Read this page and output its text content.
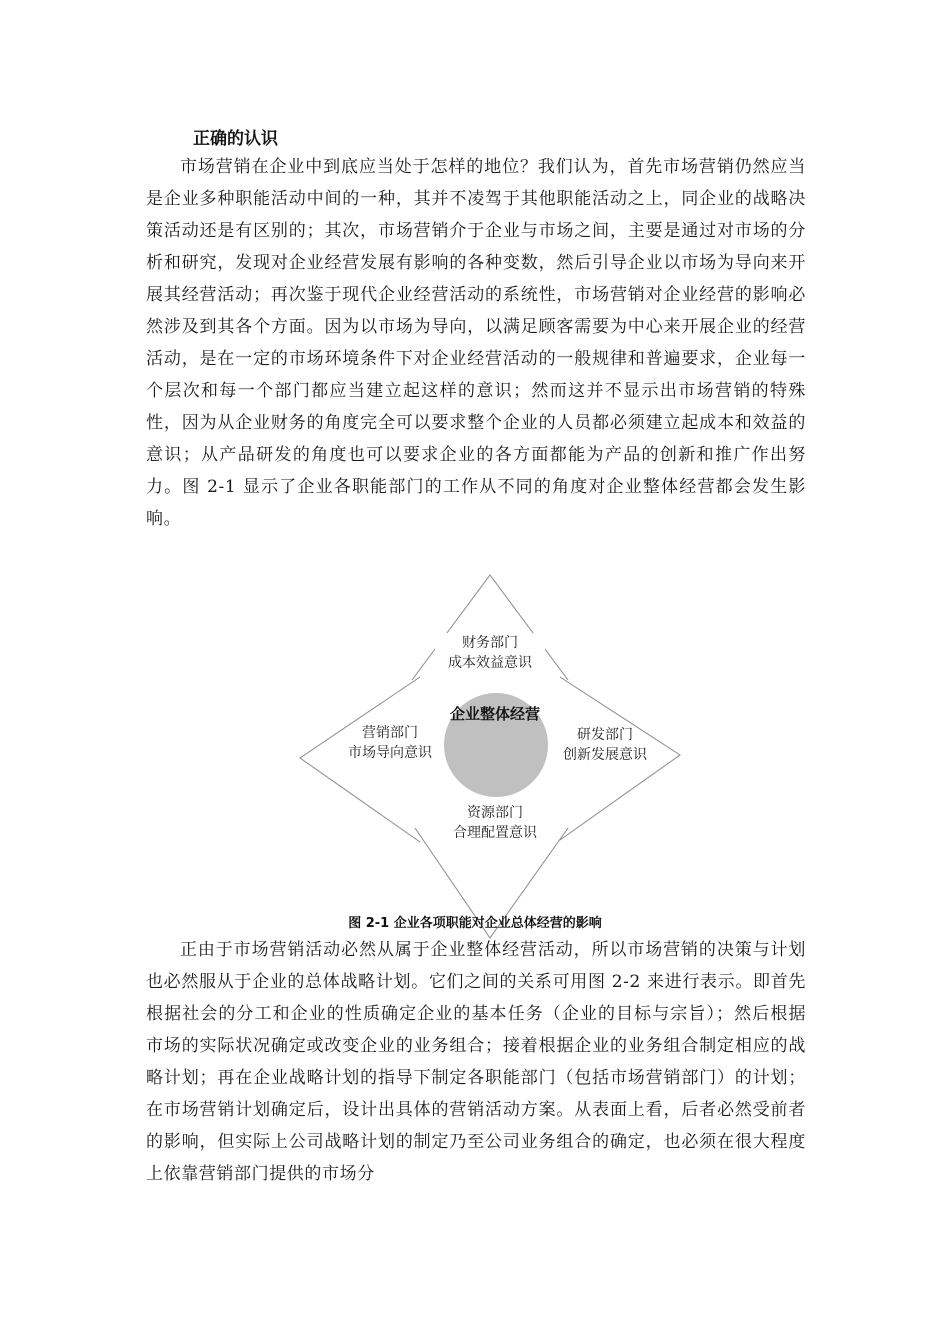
正确的认识

市场营销在企业中到底应当处于怎样的地位？我们认为，首先市场营销仍然应当是企业多种职能活动中间的一种，其并不凌驾于其他职能活动之上，同企业的战略决策活动还是有区别的；其次，市场营销介于企业与市场之间，主要是通过对市场的分析和研究，发现对企业经营发展有影响的各种变数，然后引导企业以市场为导向来开展其经营活动；再次鉴于现代企业经营活动的系统性，市场营销对企业经营的影响必然涉及到其各个方面。因为以市场为导向，以满足顾客需要为中心来开展企业的经营活动，是在一定的市场环境条件下对企业经营活动的一般规律和普遍要求，企业每一个层次和每一个部门都应当建立起这样的意识；然而这并不显示出市场营销的特殊性，因为从企业财务的角度完全可以要求整个企业的人员都必须建立起成本和效益的意识；从产品研发的角度也可以要求企业的各方面都能为产品的创新和推广作出努力。图 2-1 显示了企业各职能部门的工作从不同的角度对企业整体经营都会发生影响。

财务部门
成本效益意识
营销部门
市场导向意识
研发部门
创新发展意识
资源部门
合理配置意识
企业整体经营
图 2-1 企业各项职能对企业总体经营的影响

正由于市场营销活动必然从属于企业整体经营活动，所以市场营销的决策与计划也必然服从于企业的总体战略计划。它们之间的关系可用图 2-2 来进行表示。即首先根据社会的分工和企业的性质确定企业的基本任务（企业的目标与宗旨）；然后根据市场的实际状况确定或改变企业的业务组合；接着根据企业的业务组合制定相应的战略计划；再在企业战略计划的指导下制定各职能部门（包括市场营销部门）的计划；在市场营销计划确定后，设计出具体的营销活动方案。从表面上看，后者必然受前者的影响，但实际上公司战略计划的制定乃至公司业务组合的确定，也必须在很大程度上依靠营销部门提供的市场分
